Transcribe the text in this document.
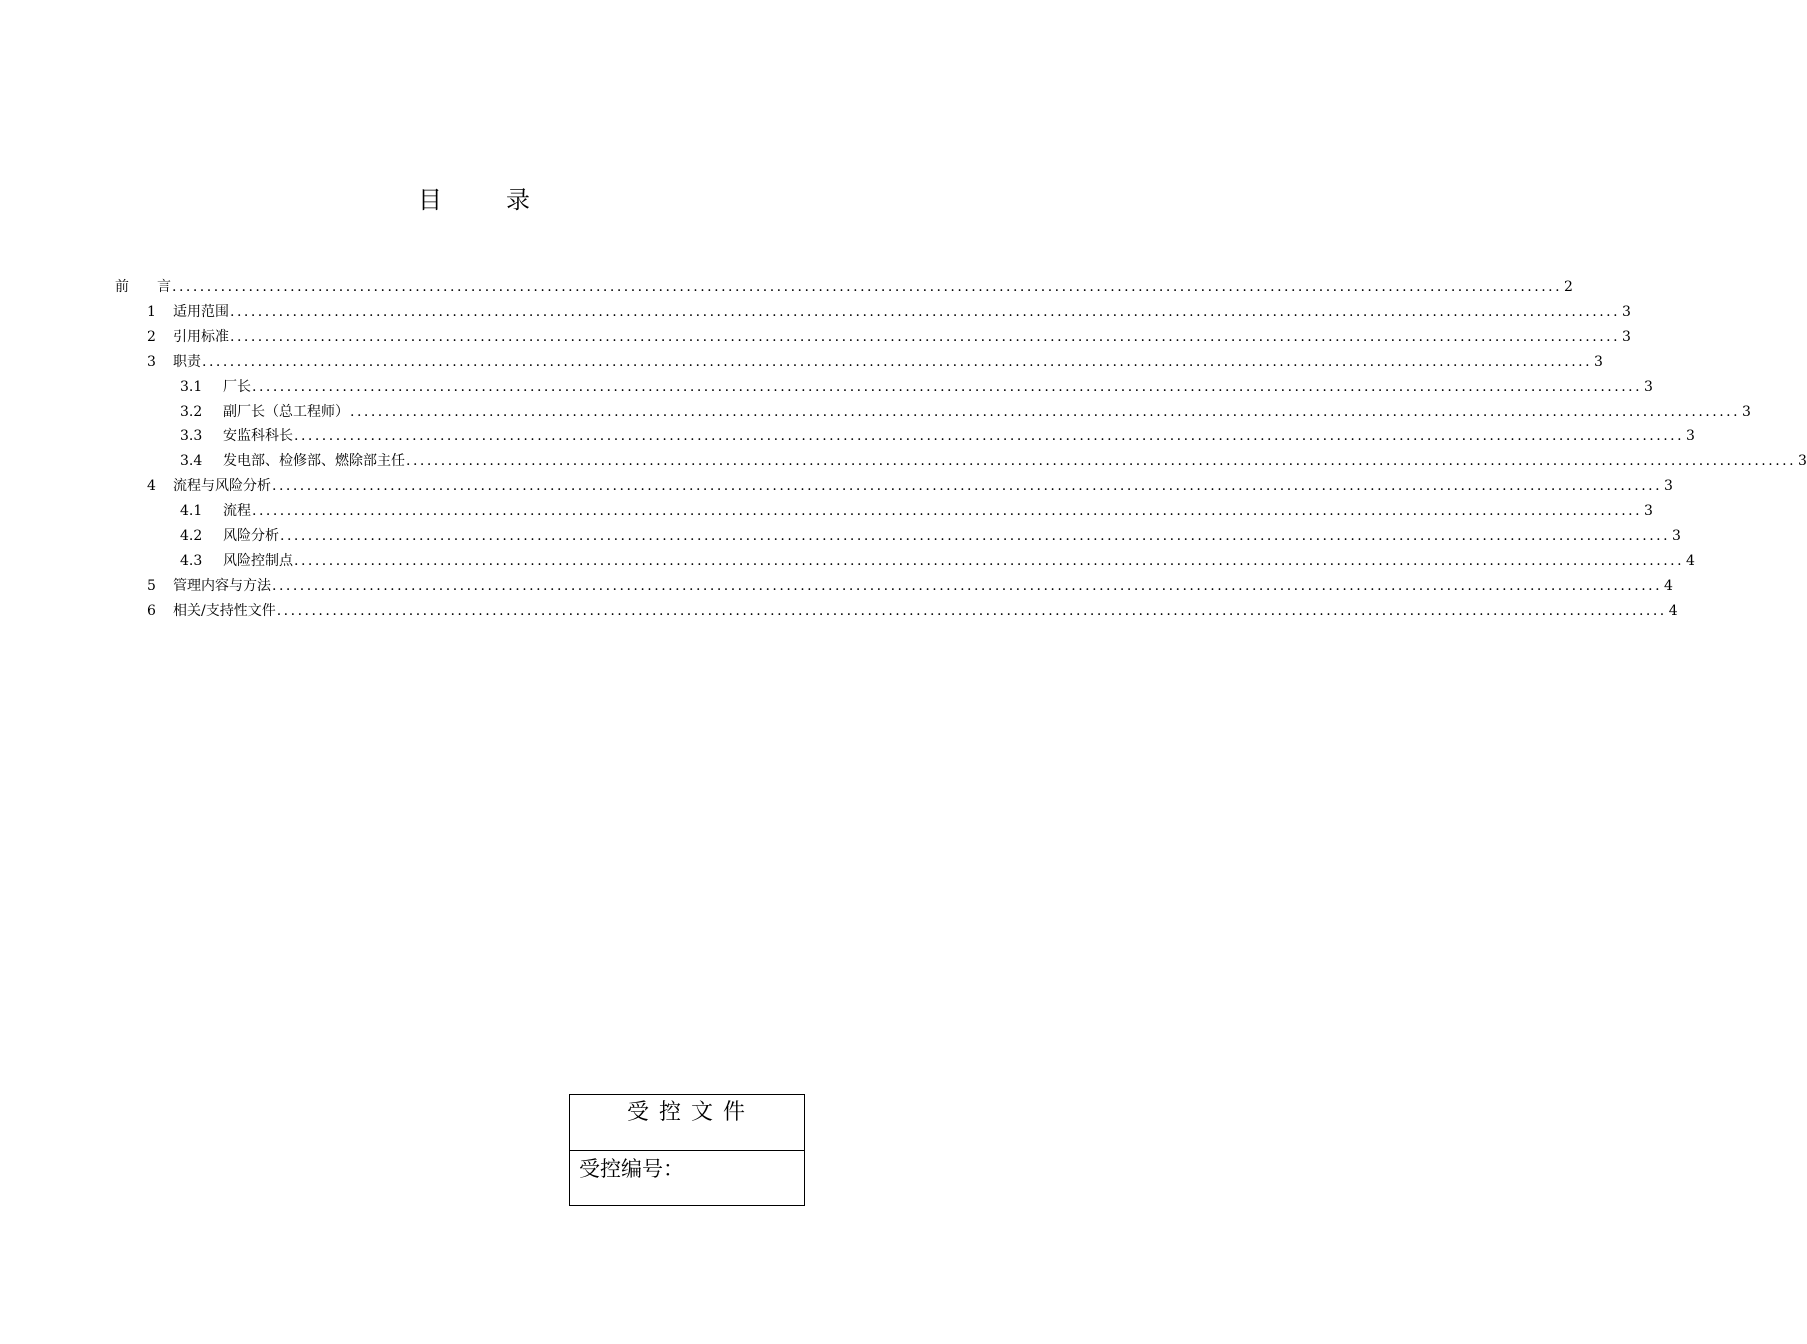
目	录
前　　言 ........................................................................................................................................................................................................ 2
1	适用范围 ........................................................................................................................................................................................................ 3
2	引用标准 ........................................................................................................................................................................................................ 3
3	职责 ........................................................................................................................................................................................................ 3
3.1	厂长 ........................................................................................................................................................................................................ 3
3.2	副厂长（总工程师） ........................................................................................................................................................................................................ 3
3.3	安监科科长 ........................................................................................................................................................................................................ 3
3.4	发电部、检修部、燃除部主任 ........................................................................................................................................................................................................ 3
4	流程与风险分析 ........................................................................................................................................................................................................ 3
4.1	流程 ........................................................................................................................................................................................................ 3
4.2	风险分析 ........................................................................................................................................................................................................ 3
4.3	风险控制点 ........................................................................................................................................................................................................ 4
5	管理内容与方法 ........................................................................................................................................................................................................ 4
6	相关/支持性文件 ........................................................................................................................................................................................................ 4
受控文件
受控编号：
